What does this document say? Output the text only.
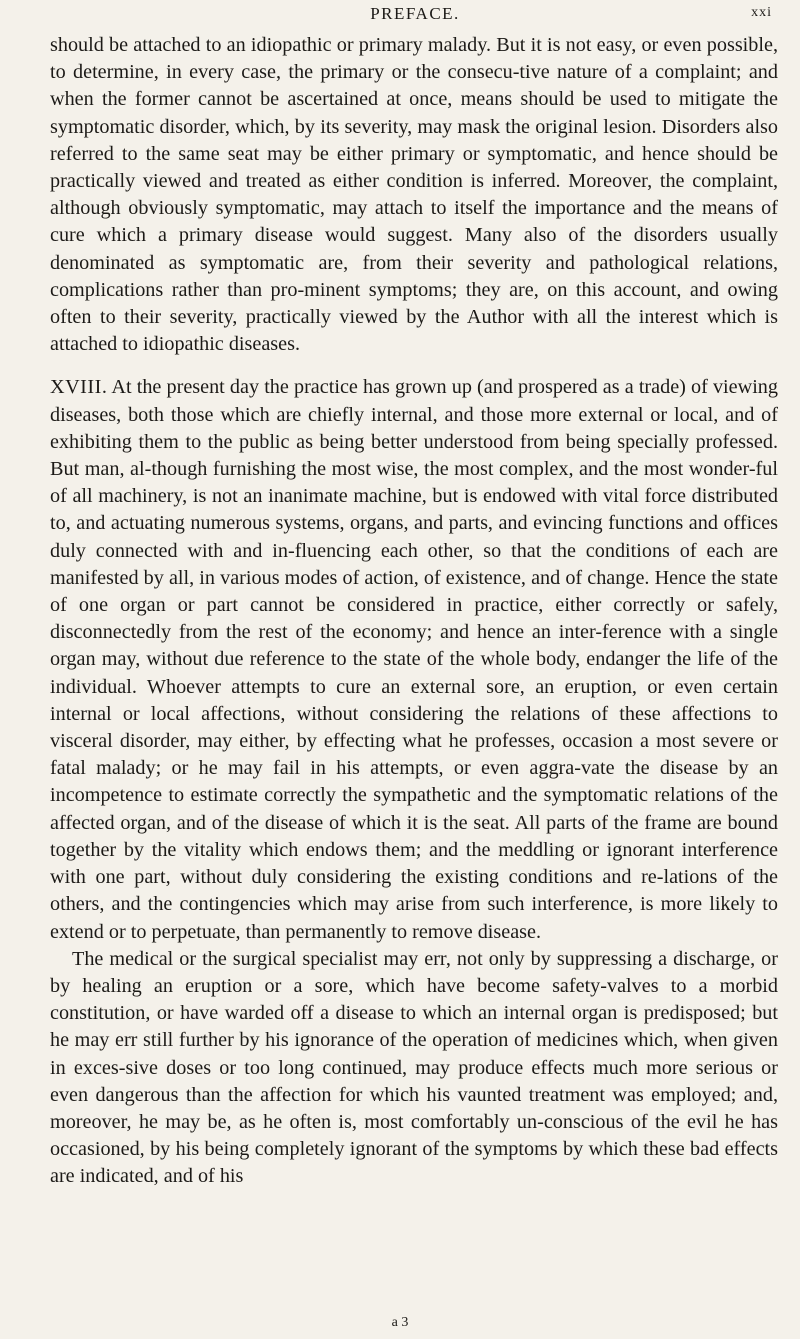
PREFACE.	xxi

should be attached to an idiopathic or primary malady. But it is not easy, or even possible, to determine, in every case, the primary or the consecu-tive nature of a complaint; and when the former cannot be ascertained at once, means should be used to mitigate the symptomatic disorder, which, by its severity, may mask the original lesion. Disorders also referred to the same seat may be either primary or symptomatic, and hence should be practically viewed and treated as either condition is inferred. Moreover, the complaint, although obviously symptomatic, may attach to itself the importance and the means of cure which a primary disease would suggest. Many also of the disorders usually denominated as symptomatic are, from their severity and pathological relations, complications rather than pro-minent symptoms; they are, on this account, and owing often to their severity, practically viewed by the Author with all the interest which is attached to idiopathic diseases.

XVIII. At the present day the practice has grown up (and prospered as a trade) of viewing diseases, both those which are chiefly internal, and those more external or local, and of exhibiting them to the public as being better understood from being specially professed. But man, al-though furnishing the most wise, the most complex, and the most wonder-ful of all machinery, is not an inanimate machine, but is endowed with vital force distributed to, and actuating numerous systems, organs, and parts, and evincing functions and offices duly connected with and in-fluencing each other, so that the conditions of each are manifested by all, in various modes of action, of existence, and of change. Hence the state of one organ or part cannot be considered in practice, either correctly or safely, disconnectedly from the rest of the economy; and hence an inter-ference with a single organ may, without due reference to the state of the whole body, endanger the life of the individual. Whoever attempts to cure an external sore, an eruption, or even certain internal or local affections, without considering the relations of these affections to visceral disorder, may either, by effecting what he professes, occasion a most severe or fatal malady; or he may fail in his attempts, or even aggra-vate the disease by an incompetence to estimate correctly the sympathetic and the symptomatic relations of the affected organ, and of the disease of which it is the seat. All parts of the frame are bound together by the vitality which endows them; and the meddling or ignorant interference with one part, without duly considering the existing conditions and re-lations of the others, and the contingencies which may arise from such interference, is more likely to extend or to perpetuate, than permanently to remove disease.

The medical or the surgical specialist may err, not only by suppressing a discharge, or by healing an eruption or a sore, which have become safety-valves to a morbid constitution, or have warded off a disease to which an internal organ is predisposed; but he may err still further by his ignorance of the operation of medicines which, when given in exces-sive doses or too long continued, may produce effects much more serious or even dangerous than the affection for which his vaunted treatment was employed; and, moreover, he may be, as he often is, most comfortably un-conscious of the evil he has occasioned, by his being completely ignorant of the symptoms by which these bad effects are indicated, and of his

a 3
